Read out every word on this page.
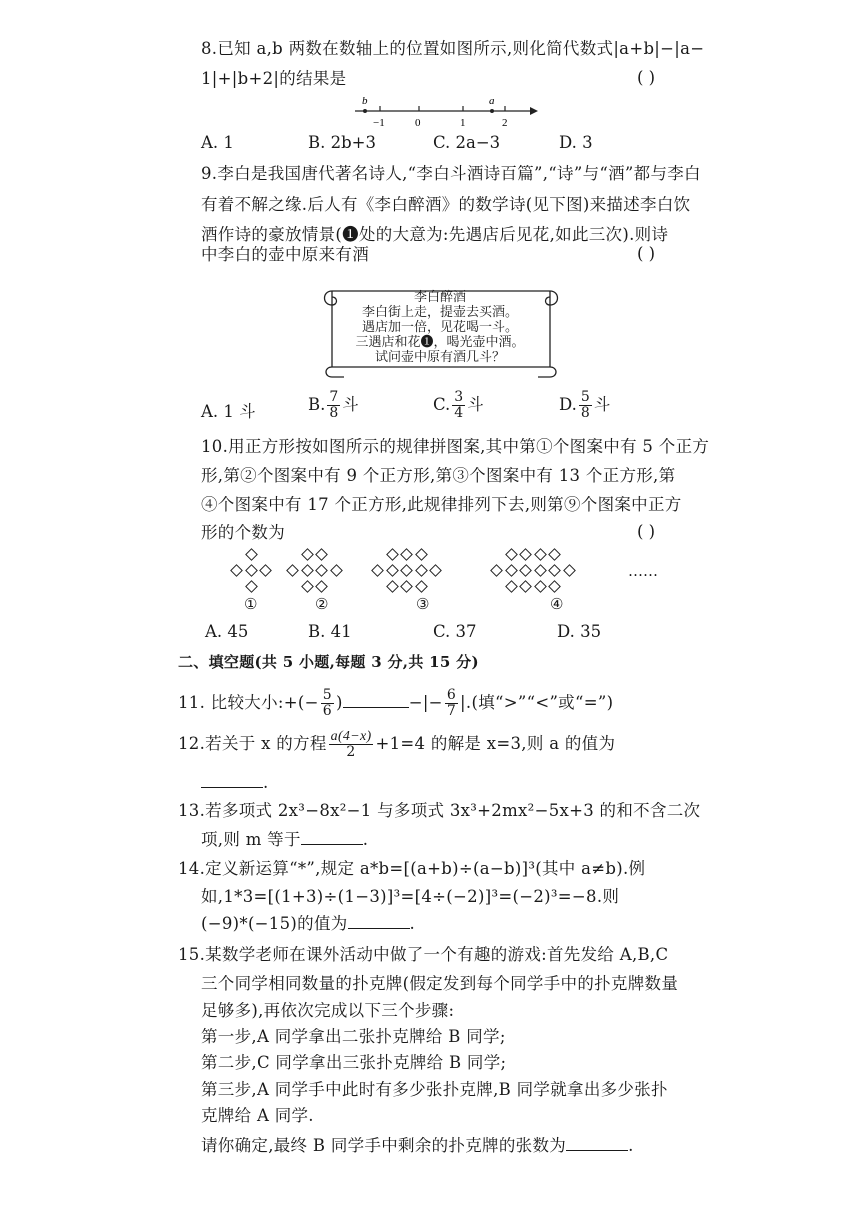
8.已知 a,b 两数在数轴上的位置如图所示,则化简代数式|a+b|−|a−
1|+|b+2|的结果是	( )
b	a
−1	0	1	2
A. 1	B. 2b+3	C. 2a−3	D. 3
9.李白是我国唐代著名诗人,“李白斗酒诗百篇”,“诗”与“酒”都与李白
有着不解之缘.后人有《李白醉酒》的数学诗(见下图)来描述李白饮
酒作诗的豪放情景(❶处的大意为:先遇店后见花,如此三次).则诗
中李白的壶中原来有酒	( )
李白醉酒
李白街上走，提壶去买酒。
遇店加一倍，见花喝一斗。
三遇店和花❶，喝光壶中酒。
试问壶中原有酒几斗？
A. 1 斗	B. $\frac{7}{8}$ 斗	C. $\frac{3}{4}$ 斗	D. $\frac{5}{8}$ 斗
10.用正方形按如图所示的规律拼图案,其中第①个图案中有 5 个正方
形,第②个图案中有 9 个正方形,第③个图案中有 13 个正方形,第
④个图案中有 17 个正方形,此规律排列下去,则第⑨个图案中正方
形的个数为	( )
①	②	③	④
……
A. 45	B. 41	C. 37	D. 35
二、填空题(共 5 小题,每题 3 分,共 15 分)
11. 比较大小:+(− $\frac{5}{6}$ )	−|− $\frac{6}{7}$ |.(填“>”“<”或“=”)
12.若关于 x 的方程 $\frac{a(4-x)}{2} +1=4$ 的解是 x=3,则 a 的值为
.
13.若多项式 2x³−8x²−1 与多项式 3x³+2mx²−5x+3 的和不含二次
项,则 m 等于	.
14.定义新运算“*”,规定 a*b=[(a+b)÷(a−b)]³(其中 a≠b).例
如,1*3=[(1+3)÷(1−3)]³=[4÷(−2)]³=(−2)³=−8.则
(−9)*(−15)的值为	.
15.某数学老师在课外活动中做了一个有趣的游戏:首先发给 A,B,C
三个同学相同数量的扑克牌(假定发到每个同学手中的扑克牌数量
足够多),再依次完成以下三个步骤:
第一步,A 同学拿出二张扑克牌给 B 同学;
第二步,C 同学拿出三张扑克牌给 B 同学;
第三步,A 同学手中此时有多少张扑克牌,B 同学就拿出多少张扑
克牌给 A 同学.
请你确定,最终 B 同学手中剩余的扑克牌的张数为	.
